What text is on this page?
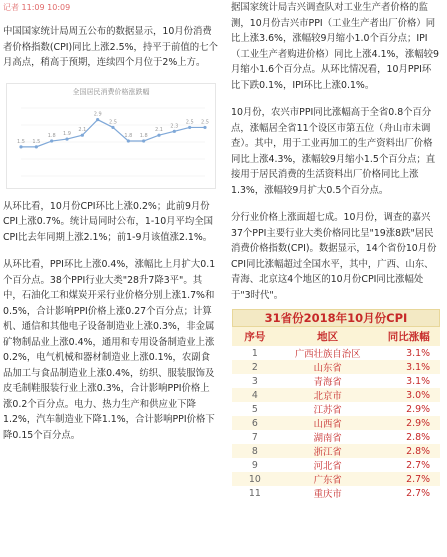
记者 11:09 10:09

中国国家统计局周五公布的数据显示，10月份消费者价格指数(CPI)同比上涨2.5%，持平于前值的七个月高点，稍高于预期，连续四个月位于2%上方。

全国居民消费价格涨跌幅
1.5 1.5
1.8 1.9
2.1
2.9
2.5
1.8 1.8
2.1
2.3
2.5 2.5

从环比看，10月份CPI环比上涨0.2%；此前9月份CPI上涨0.7%。统计局同时公布，1-10月平均全国CPI比去年同期上涨2.1%；前1-9月该值涨2.1%。

从环比看，PPI环比上涨0.4%，涨幅比上月扩大0.1个百分点。38个PPI行业大类"28升7降3平"。其中，石油化工和煤炭开采行业价格分别上涨1.7%和0.5%，合计影响PPI价格上涨0.27个百分点；计算机、通信和其他电子设备制造业上涨0.3%，非金属矿物制品业上涨0.4%，通用和专用设备制造业上涨0.2%，电气机械和器材制造业上涨0.1%，农副食品加工与食品制造业上涨0.4%，纺织、服装服饰及皮毛制鞋服装行业上涨0.3%，合计影响PPI价格上涨0.2个百分点。电力、热力生产和供应业下降1.2%，汽车制造业下降1.1%，合计影响PPI价格下降0.15个百分点。

据国家统计局吉兴调查队对工业生产者价格的监测，10月份吉兴市PPI（工业生产者出厂价格）同比上涨3.6%，涨幅较9月缩小1.0个百分点；IPI（工业生产者购进价格）同比上涨4.1%，涨幅较9月缩小1.6个百分点。从环比情况看，10月PPI环比下跌0.1%，IPI环比上涨0.1%。

10月份，农兴市PPI同比涨幅高于全省0.8个百分点，涨幅居全省11个设区市第五位（舟山市未调查）。其中，用于工业再加工的生产资料出厂价格同比上涨4.3%，涨幅较9月缩小1.5个百分点；直接用于居民消费的生活资料出厂价格同比上涨1.3%，涨幅较9月扩大0.5个百分点。

分行业价格上涨面超七成。10月份，调查的嘉兴37个PPI主要行业大类价格同比呈"19涨8跌"居民消费价格指数(CPI)。数据显示，14个省份10月份CPI同比涨幅超过全国水平，其中，广西、山东、青海、北京这4个地区的10月份CPI同比涨幅处于"3时代"。

31省份2018年10月份CPI
序号	地区	同比涨幅
1	广西壮族自治区	3.1%
2	山东省	3.1%
3	青海省	3.1%
4	北京市	3.0%
5	江苏省	2.9%
6	山西省	2.9%
7	湖南省	2.8%
8	浙江省	2.8%
9	河北省	2.7%
10	广东省	2.7%
11	重庆市	2.7%
